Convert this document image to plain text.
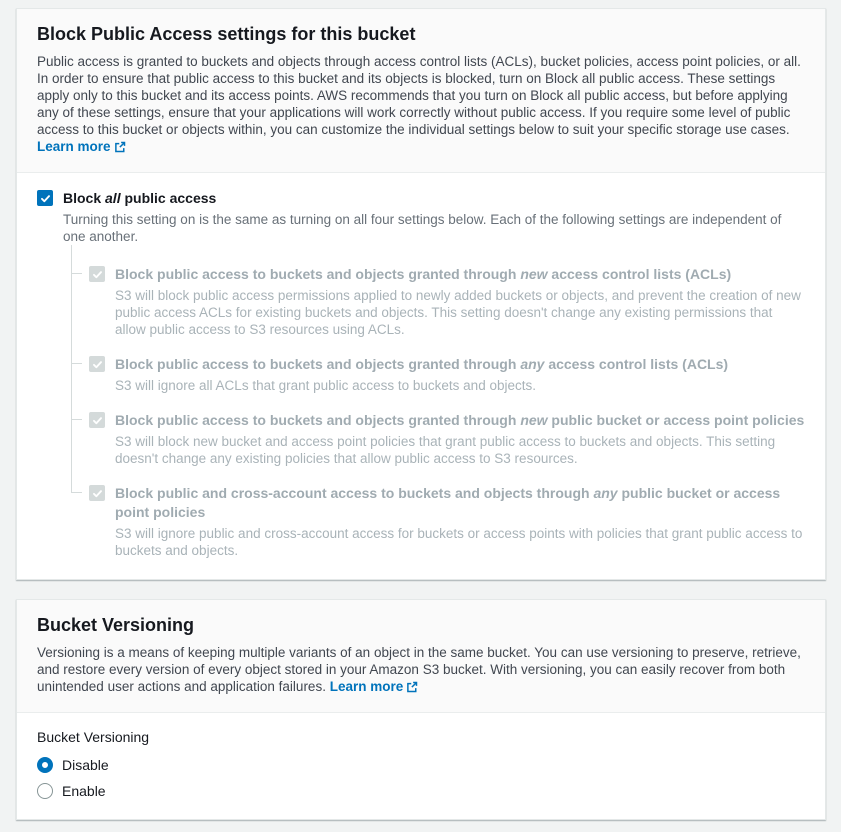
Block Public Access settings for this bucket

Public access is granted to buckets and objects through access control lists (ACLs), bucket policies, access point policies, or all. In order to ensure that public access to this bucket and its objects is blocked, turn on Block all public access. These settings apply only to this bucket and its access points. AWS recommends that you turn on Block all public access, but before applying any of these settings, ensure that your applications will work correctly without public access. If you require some level of public access to this bucket or objects within, you can customize the individual settings below to suit your specific storage use cases. Learn more

Block all public access
Turning this setting on is the same as turning on all four settings below. Each of the following settings are independent of one another.
Block public access to buckets and objects granted through new access control lists (ACLs)
S3 will block public access permissions applied to newly added buckets or objects, and prevent the creation of new public access ACLs for existing buckets and objects. This setting doesn't change any existing permissions that allow public access to S3 resources using ACLs.
Block public access to buckets and objects granted through any access control lists (ACLs)
S3 will ignore all ACLs that grant public access to buckets and objects.
Block public access to buckets and objects granted through new public bucket or access point policies
S3 will block new bucket and access point policies that grant public access to buckets and objects. This setting doesn't change any existing policies that allow public access to S3 resources.
Block public and cross-account access to buckets and objects through any public bucket or access point policies
S3 will ignore public and cross-account access for buckets or access points with policies that grant public access to buckets and objects.
Bucket Versioning

Versioning is a means of keeping multiple variants of an object in the same bucket. You can use versioning to preserve, retrieve, and restore every version of every object stored in your Amazon S3 bucket. With versioning, you can easily recover from both unintended user actions and application failures. Learn more

Bucket Versioning
Disable
Enable
